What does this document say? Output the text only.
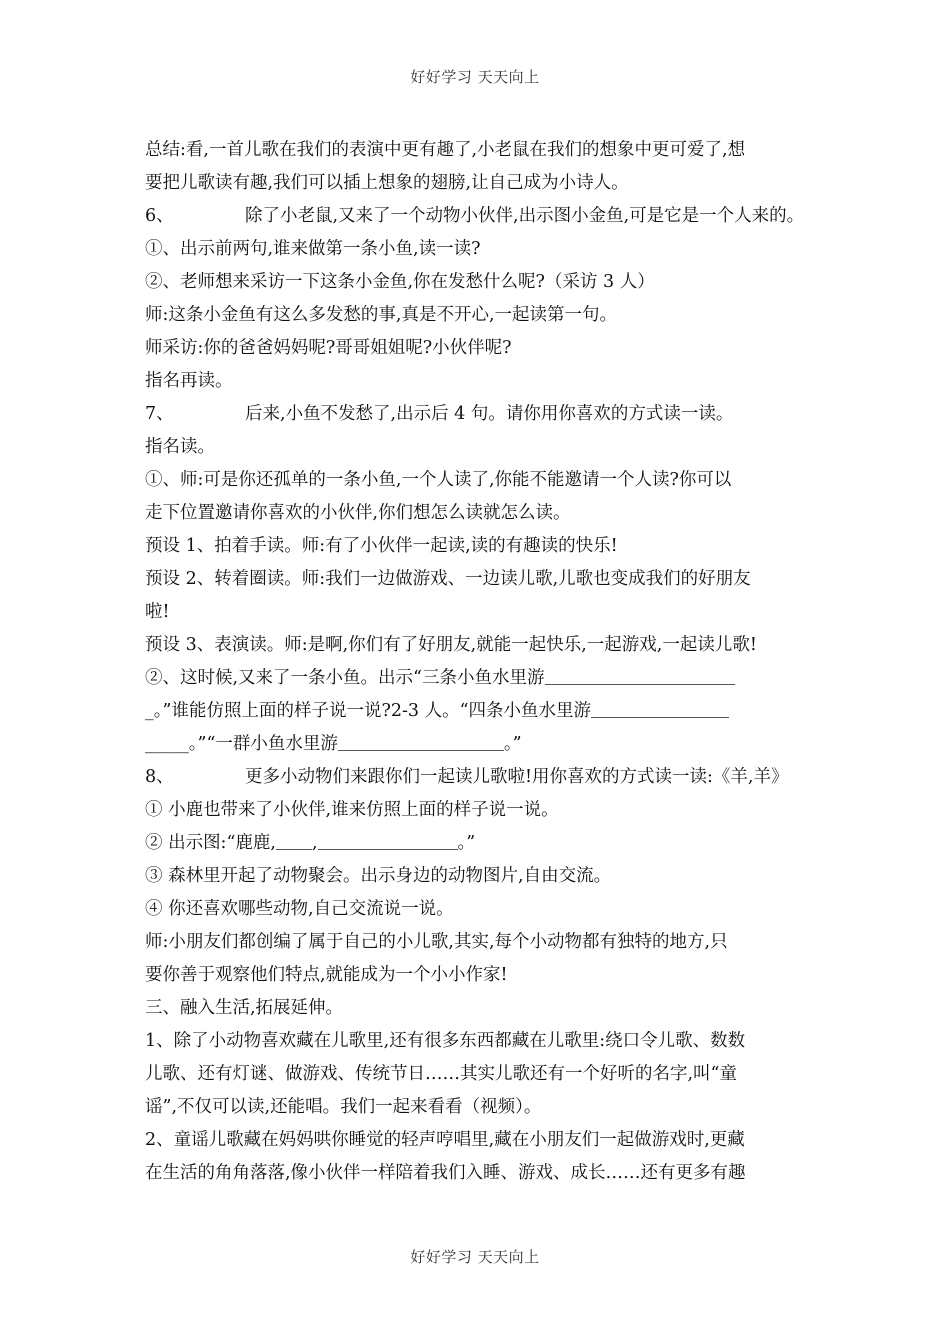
好好学习 天天向上
总结:看,一首儿歌在我们的表演中更有趣了,小老鼠在我们的想象中更可爱了,想
要把儿歌读有趣,我们可以插上想象的翅膀,让自己成为小诗人。
6、	除了小老鼠,又来了一个动物小伙伴,出示图小金鱼,可是它是一个人来的。
①、出示前两句,谁来做第一条小鱼,读一读?
②、老师想来采访一下这条小金鱼,你在发愁什么呢?（采访 3 人）
师:这条小金鱼有这么多发愁的事,真是不开心,一起读第一句。
师采访:你的爸爸妈妈呢?哥哥姐姐呢?小伙伴呢?
指名再读。
7、	后来,小鱼不发愁了,出示后 4 句。请你用你喜欢的方式读一读。
指名读。
①、师:可是你还孤单的一条小鱼,一个人读了,你能不能邀请一个人读?你可以
走下位置邀请你喜欢的小伙伴,你们想怎么读就怎么读。
预设 1、拍着手读。师:有了小伙伴一起读,读的有趣读的快乐!
预设 2、转着圈读。师:我们一边做游戏、一边读儿歌,儿歌也变成我们的好朋友
啦!
预设 3、表演读。师:是啊,你们有了好朋友,就能一起快乐,一起游戏,一起读儿歌!
②、这时候,又来了一条小鱼。出示“三条小鱼水里游
_。”谁能仿照上面的样子说一说?2-3 人。“四条小鱼水里游
_____。”“一群小鱼水里游	。”
8、	更多小动物们来跟你们一起读儿歌啦!用你喜欢的方式读一读:《羊,羊》
① 小鹿也带来了小伙伴,谁来仿照上面的样子说一说。
② 出示图:“鹿鹿, ,	。”
③ 森林里开起了动物聚会。出示身边的动物图片,自由交流。
④ 你还喜欢哪些动物,自己交流说一说。
师:小朋友们都创编了属于自己的小儿歌,其实,每个小动物都有独特的地方,只
要你善于观察他们特点,就能成为一个小小作家!
三、融入生活,拓展延伸。
1、除了小动物喜欢藏在儿歌里,还有很多东西都藏在儿歌里:绕口令儿歌、数数
儿歌、还有灯谜、做游戏、传统节日……其实儿歌还有一个好听的名字,叫“童
谣”,不仅可以读,还能唱。我们一起来看看（视频）。
2、童谣儿歌藏在妈妈哄你睡觉的轻声哼唱里,藏在小朋友们一起做游戏时,更藏
在生活的角角落落,像小伙伴一样陪着我们入睡、游戏、成长……还有更多有趣
好好学习 天天向上
